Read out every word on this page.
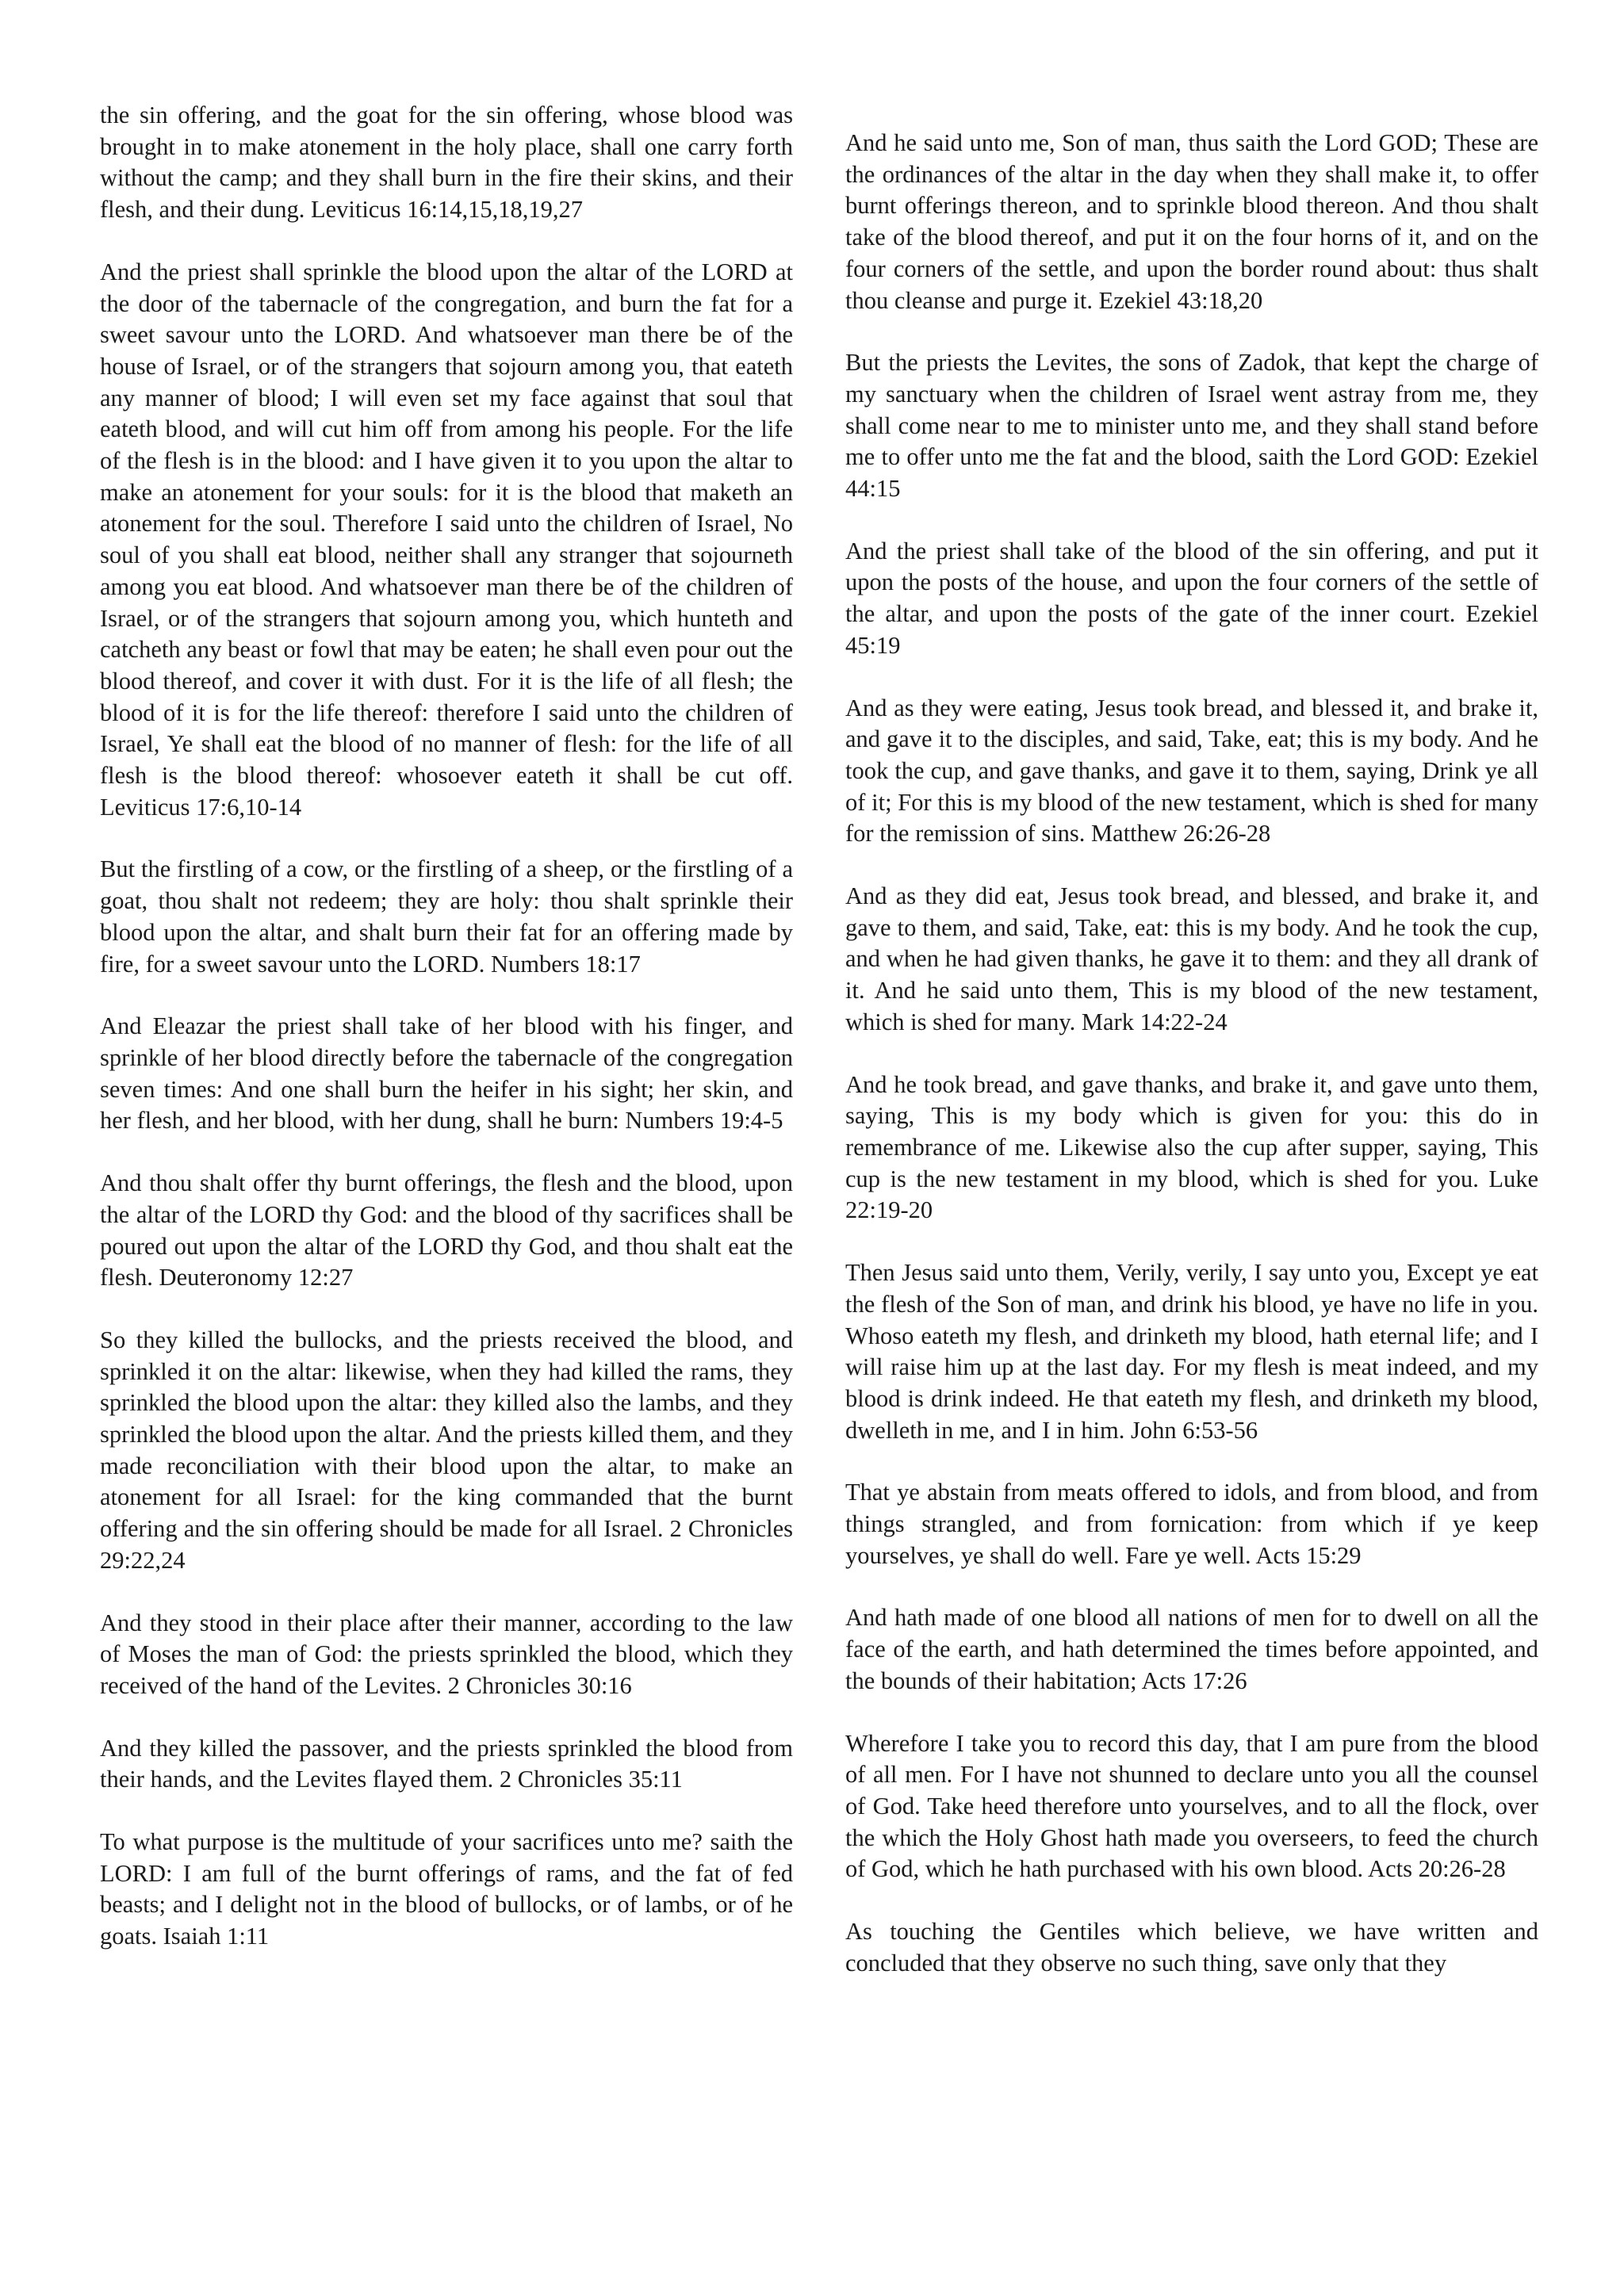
the sin offering, and the goat for the sin offering, whose blood was brought in to make atonement in the holy place, shall one carry forth without the camp; and they shall burn in the fire their skins, and their flesh, and their dung. Leviticus 16:14,15,18,19,27

And the priest shall sprinkle the blood upon the altar of the LORD at the door of the tabernacle of the congregation, and burn the fat for a sweet savour unto the LORD. And whatsoever man there be of the house of Israel, or of the strangers that sojourn among you, that eateth any manner of blood; I will even set my face against that soul that eateth blood, and will cut him off from among his people. For the life of the flesh is in the blood: and I have given it to you upon the altar to make an atonement for your souls: for it is the blood that maketh an atonement for the soul. Therefore I said unto the children of Israel, No soul of you shall eat blood, neither shall any stranger that sojourneth among you eat blood. And whatsoever man there be of the children of Israel, or of the strangers that sojourn among you, which hunteth and catcheth any beast or fowl that may be eaten; he shall even pour out the blood thereof, and cover it with dust. For it is the life of all flesh; the blood of it is for the life thereof: therefore I said unto the children of Israel, Ye shall eat the blood of no manner of flesh: for the life of all flesh is the blood thereof: whosoever eateth it shall be cut off. Leviticus 17:6,10-14

But the firstling of a cow, or the firstling of a sheep, or the firstling of a goat, thou shalt not redeem; they are holy: thou shalt sprinkle their blood upon the altar, and shalt burn their fat for an offering made by fire, for a sweet savour unto the LORD. Numbers 18:17

And Eleazar the priest shall take of her blood with his finger, and sprinkle of her blood directly before the tabernacle of the congregation seven times: And one shall burn the heifer in his sight; her skin, and her flesh, and her blood, with her dung, shall he burn: Numbers 19:4-5

And thou shalt offer thy burnt offerings, the flesh and the blood, upon the altar of the LORD thy God: and the blood of thy sacrifices shall be poured out upon the altar of the LORD thy God, and thou shalt eat the flesh. Deuteronomy 12:27

So they killed the bullocks, and the priests received the blood, and sprinkled it on the altar: likewise, when they had killed the rams, they sprinkled the blood upon the altar: they killed also the lambs, and they sprinkled the blood upon the altar. And the priests killed them, and they made reconciliation with their blood upon the altar, to make an atonement for all Israel: for the king commanded that the burnt offering and the sin offering should be made for all Israel. 2 Chronicles 29:22,24

And they stood in their place after their manner, according to the law of Moses the man of God: the priests sprinkled the blood, which they received of the hand of the Levites. 2 Chronicles 30:16

And they killed the passover, and the priests sprinkled the blood from their hands, and the Levites flayed them. 2 Chronicles 35:11

To what purpose is the multitude of your sacrifices unto me? saith the LORD: I am full of the burnt offerings of rams, and the fat of fed beasts; and I delight not in the blood of bullocks, or of lambs, or of he goats. Isaiah 1:11

And he said unto me, Son of man, thus saith the Lord GOD; These are the ordinances of the altar in the day when they shall make it, to offer burnt offerings thereon, and to sprinkle blood thereon. And thou shalt take of the blood thereof, and put it on the four horns of it, and on the four corners of the settle, and upon the border round about: thus shalt thou cleanse and purge it. Ezekiel 43:18,20

But the priests the Levites, the sons of Zadok, that kept the charge of my sanctuary when the children of Israel went astray from me, they shall come near to me to minister unto me, and they shall stand before me to offer unto me the fat and the blood, saith the Lord GOD: Ezekiel 44:15

And the priest shall take of the blood of the sin offering, and put it upon the posts of the house, and upon the four corners of the settle of the altar, and upon the posts of the gate of the inner court. Ezekiel 45:19

And as they were eating, Jesus took bread, and blessed it, and brake it, and gave it to the disciples, and said, Take, eat; this is my body. And he took the cup, and gave thanks, and gave it to them, saying, Drink ye all of it; For this is my blood of the new testament, which is shed for many for the remission of sins. Matthew 26:26-28

And as they did eat, Jesus took bread, and blessed, and brake it, and gave to them, and said, Take, eat: this is my body. And he took the cup, and when he had given thanks, he gave it to them: and they all drank of it. And he said unto them, This is my blood of the new testament, which is shed for many. Mark 14:22-24

And he took bread, and gave thanks, and brake it, and gave unto them, saying, This is my body which is given for you: this do in remembrance of me. Likewise also the cup after supper, saying, This cup is the new testament in my blood, which is shed for you. Luke 22:19-20

Then Jesus said unto them, Verily, verily, I say unto you, Except ye eat the flesh of the Son of man, and drink his blood, ye have no life in you. Whoso eateth my flesh, and drinketh my blood, hath eternal life; and I will raise him up at the last day. For my flesh is meat indeed, and my blood is drink indeed. He that eateth my flesh, and drinketh my blood, dwelleth in me, and I in him. John 6:53-56

That ye abstain from meats offered to idols, and from blood, and from things strangled, and from fornication: from which if ye keep yourselves, ye shall do well. Fare ye well. Acts 15:29

And hath made of one blood all nations of men for to dwell on all the face of the earth, and hath determined the times before appointed, and the bounds of their habitation; Acts 17:26

Wherefore I take you to record this day, that I am pure from the blood of all men. For I have not shunned to declare unto you all the counsel of God. Take heed therefore unto yourselves, and to all the flock, over the which the Holy Ghost hath made you overseers, to feed the church of God, which he hath purchased with his own blood. Acts 20:26-28

As touching the Gentiles which believe, we have written and concluded that they observe no such thing, save only that they
